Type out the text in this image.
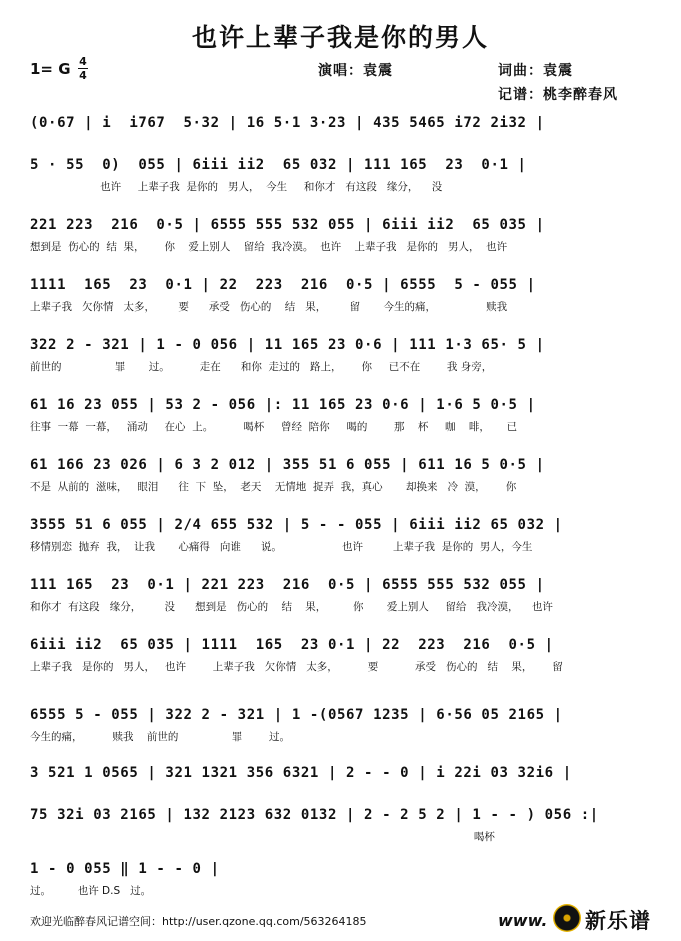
也许上辈子我是你的男人
1= G 4
4	演唱：袁震	词曲：袁震
记谱：桃李醉春风
(0·67 | i  i767  5·32 | 16 5·1 3·23 | 435 5465 i72 2i32 |
5 · 55  0)  055 | 6iii ii2  65 032 | 111 165  23  0·1 |
也许     上辈子我  是你的   男人，  今生     和你才   有这段   缘分，    没
221 223  216  0·5 | 6555 555 532 055 | 6iii ii2  65 035 |
想到是  伤心的  结  果，      你    爱上别人    留给  我冷漠。  也许    上辈子我   是你的   男人，  也许
1111  165  23  0·1 | 22  223  216  0·5 | 6555  5 - 055 |
上辈子我   欠你情   太多，       要      承受   伤心的    结   果，       留       今生的痛，               赎我
322 2 - 321 | 1 - 0 056 | 11 165 23 0·6 | 111 1·3 65· 5 |
前世的                罪       过。         走在      和你  走过的   路上，      你     已不在        我 身旁，
61 16 23 055 | 53 2 - 056 |: 11 165 23 0·6 | 1·6 5 0·5 |
往事  一幕  一幕，   涌动     在心  上。         喝杯     曾经  陪你     喝的        那    杯     咖    啡，     已
61 166 23 026 | 6 3 2 012 | 355 51 6 055 | 611 16 5 0·5 |
不是  从前的  滋味，   眼泪      往  下  坠，  老天    无情地  捉弄  我，真心       却换来   冷  漠，      你
3555 51 6 055 | 2/4 655 532 | 5 - - 055 | 6iii ii2 65 032 |
移情别恋  抛弃  我，  让我       心痛得   向谁      说。                  也许         上辈子我  是你的  男人，今生
111 165  23  0·1 | 221 223  216  0·5 | 6555 555 532 055 |
和你才  有这段   缘分，       没      想到是   伤心的    结    果，        你       爱上别人     留给   我冷漠，    也许
6iii ii2  65 035 | 1111  165  23 0·1 | 22  223  216  0·5 |
上辈子我   是你的   男人，   也许        上辈子我   欠你情   太多，         要           承受   伤心的   结    果，      留
6555 5 - 055 | 322 2 - 321 | 1 -(0567 1235 | 6·56 05 2165 |
今生的痛，         赎我    前世的                罪        过。
3 521 1 0565 | 321 1321 356 6321 | 2 - - 0 | i 22i 03 32i6 |
75 32i 03 2165 | 132 2123 632 0132 | 2 - 2 5 2 | 1 - - ) 056 :|
喝杯
1 - 0 055 ‖ 1 - - 0 |
过。        也许 D.S   过。
欢迎光临醉春风记谱空间：http://user.qzone.qq.com/563264185	www. 新乐谱
